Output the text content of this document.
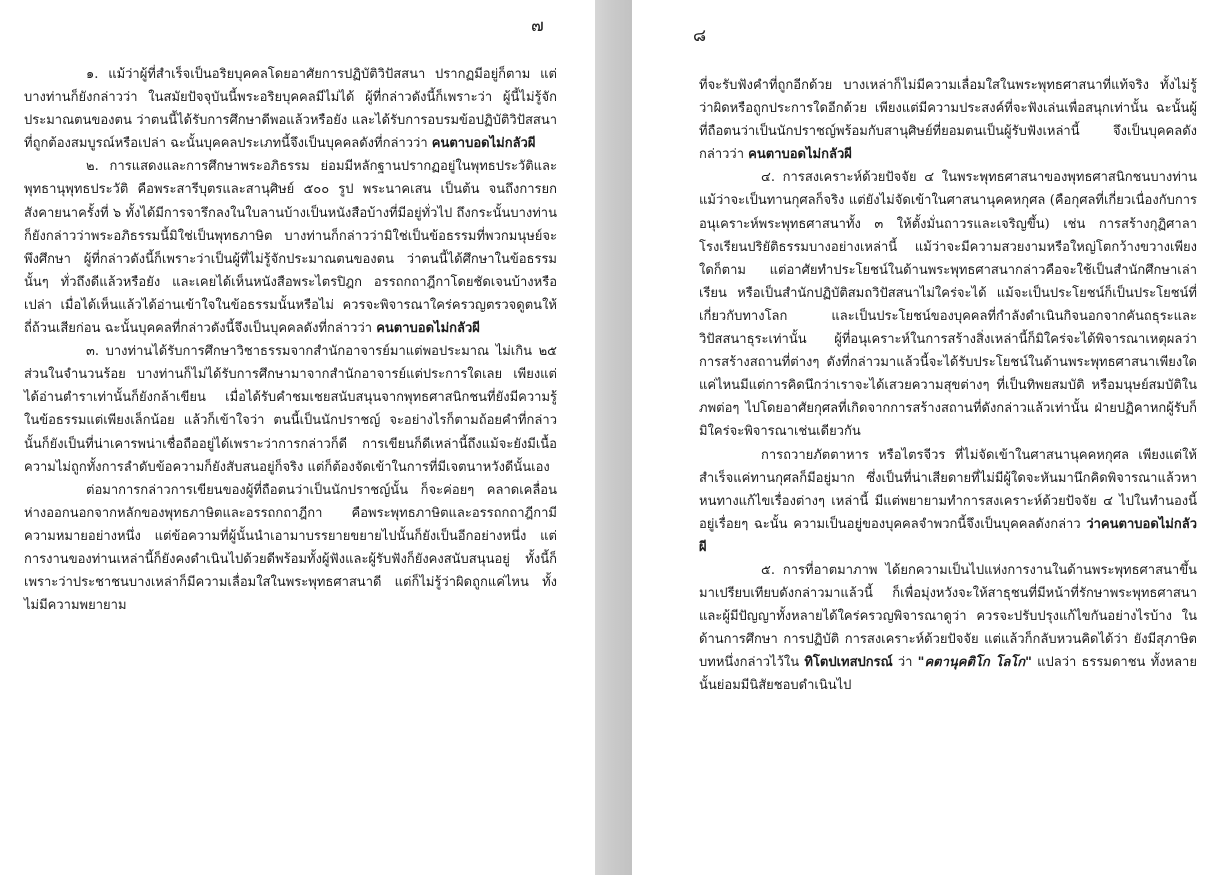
๗

๑. แม้ว่าผู้ที่สำเร็จเป็นอริยบุคคลโดยอาศัยการปฏิบัติวิปัสสนา ปรากฏมีอยู่ก็ตาม แต่บางท่านก็ยังกล่าวว่า ในสมัยปัจจุบันนี้พระอริยบุคคลมีไม่ได้ ผู้ที่กล่าวดังนี้ก็เพราะว่า ผู้นี้ไม่รู้จักประมาณตนของตน ว่าตนนี้ได้รับการศึกษาดีพอแล้วหรือยัง และได้รับการอบรมข้อปฏิบัติวิปัสสนาที่ถูกต้องสมบูรณ์หรือเปล่า ฉะนั้นบุคคลประเภทนี้จึงเป็นบุคคลดังที่กล่าวว่า คนตาบอดไม่กลัวผี

๒. การแสดงและการศึกษาพระอภิธรรม ย่อมมีหลักฐานปรากฏอยู่ในพุทธประวัติและพุทธานุพุทธประวัติ คือพระสารีบุตรและสานุศิษย์ ๕๐๐ รูป พระนาคเสน เป็นต้น จนถึงการยกสังคายนาครั้งที่ ๖ ทั้งได้มีการจารึกลงในใบลานบ้างเป็นหนังสือบ้างที่มีอยู่ทั่วไป ถึงกระนั้นบางท่านก็ยังกล่าวว่าพระอภิธรรมนี้มิใช่เป็นพุทธภาษิต บางท่านก็กล่าวว่ามิใช่เป็นข้อธรรมที่พวกมนุษย์จะพึงศึกษา ผู้ที่กล่าวดังนี้ก็เพราะว่าเป็นผู้ที่ไม่รู้จักประมาณตนของตน ว่าตนนี้ได้ศึกษาในข้อธรรมนั้นๆ ทั่วถึงดีแล้วหรือยัง และเคยได้เห็นหนังสือพระไตรปิฎก อรรถกถาฎีกาโดยชัดเจนบ้างหรือเปล่า เมื่อได้เห็นแล้วได้อ่านเข้าใจในข้อธรรมนั้นหรือไม่ ควรจะพิจารณาใคร่ครวญตรวจดูตนให้ถี่ถ้วนเสียก่อน ฉะนั้นบุคคลที่กล่าวดังนี้จึงเป็นบุคคลดังที่กล่าวว่า คนตาบอดไม่กลัวผี

๓. บางท่านได้รับการศึกษาวิชาธรรมจากสำนักอาจารย์มาแต่พอประมาณ ไม่เกิน ๒๕ ส่วนในจำนวนร้อย บางท่านก็ไม่ได้รับการศึกษามาจากสำนักอาจารย์แต่ประการใดเลย เพียงแต่ได้อ่านตำราเท่านั้นก็ยังกล้าเขียน เมื่อได้รับคำชมเชยสนับสนุนจากพุทธศาสนิกชนที่ยังมีความรู้ในข้อธรรมแต่เพียงเล็กน้อย แล้วก็เข้าใจว่า ตนนี้เป็นนักปราชญ์ จะอย่างไรก็ตามถ้อยคำที่กล่าวนั้นก็ยังเป็นที่น่าเคารพน่าเชื่อถืออยู่ได้เพราะว่าการกล่าวก็ดี การเขียนก็ดีเหล่านี้ถึงแม้จะยังมีเนื้อความไม่ถูกทั้งการลำดับข้อความก็ยังสับสนอยู่ก็จริง แต่ก็ต้องจัดเข้าในการที่มีเจตนาหวังดีนั้นเอง

ต่อมาการกล่าวการเขียนของผู้ที่ถือตนว่าเป็นนักปราชญ์นั้น ก็จะค่อยๆ คลาดเคลื่อน ห่างออกนอกจากหลักของพุทธภาษิตและอรรถกถาฎีกา คือพระพุทธภาษิตและอรรถกถาฎีกามีความหมายอย่างหนึ่ง แต่ข้อความที่ผู้นั้นนำเอามาบรรยายขยายไปนั้นก็ยังเป็นอีกอย่างหนึ่ง แต่การงานของท่านเหล่านี้ก็ยังคงดำเนินไปด้วยดีพร้อมทั้งผู้ฟังและผู้รับฟังก็ยังคงสนับสนุนอยู่ ทั้งนี้ก็เพราะว่าประชาชนบางเหล่าก็มีความเลื่อมใสในพระพุทธศาสนาดี แต่ก็ไม่รู้ว่าผิดถูกแค่ไหน ทั้งไม่มีความพยายาม

๘

ที่จะรับฟังคำที่ถูกอีกด้วย บางเหล่าก็ไม่มีความเลื่อมใสในพระพุทธศาสนาที่แท้จริง ทั้งไม่รู้ว่าผิดหรือถูกประการใดอีกด้วย เพียงแต่มีความประสงค์ที่จะฟังเล่นเพื่อสนุกเท่านั้น ฉะนั้นผู้ที่ถือตนว่าเป็นนักปราชญ์พร้อมกับสานุศิษย์ที่ยอมตนเป็นผู้รับฟังเหล่านี้ จึงเป็นบุคคลดังกล่าวว่า คนตาบอดไม่กลัวผี

๔. การสงเคราะห์ด้วยปัจจัย ๔ ในพระพุทธศาสนาของพุทธศาสนิกชนบางท่านแม้ว่าจะเป็นทานกุศลก็จริง แต่ยังไม่จัดเข้าในศาสนานุคคหกุศล (คือกุศลที่เกี่ยวเนื่องกับการอนุเคราะห์พระพุทธศาสนาทั้ง ๓ ให้ตั้งมั่นถาวรและเจริญขึ้น) เช่น การสร้างกุฏิศาลา โรงเรียนปริยัติธรรมบางอย่างเหล่านี้ แม้ว่าจะมีความสวยงามหรือใหญ่โตกว้างขวางเพียงใดก็ตาม แต่อาศัยทำประโยชน์ในด้านพระพุทธศาสนากล่าวคือจะใช้เป็นสำนักศึกษาเล่าเรียน หรือเป็นสำนักปฏิบัติสมถวิปัสสนาไม่ใคร่จะได้ แม้จะเป็นประโยชน์ก็เป็นประโยชน์ที่เกี่ยวกับทางโลก และเป็นประโยชน์ของบุคคลที่กำลังดำเนินกิจนอกจากคันถธุระและวิปัสสนาธุระเท่านั้น ผู้ที่อนุเคราะห์ในการสร้างสิ่งเหล่านี้ก็มิใคร่จะได้พิจารณาเหตุผลว่า การสร้างสถานที่ต่างๆ ดังที่กล่าวมาแล้วนี้จะได้รับประโยชน์ในด้านพระพุทธศาสนาเพียงใดแค่ไหนมีแต่การคิดนึกว่าเราจะได้เสวยความสุขต่างๆ ที่เป็นทิพยสมบัติ หรือมนุษย์สมบัติในภพต่อๆ ไปโดยอาศัยกุศลที่เกิดจากการสร้างสถานที่ดังกล่าวแล้วเท่านั้น ฝ่ายปฏิคาหกผู้รับก็มิใคร่จะพิจารณาเช่นเดียวกัน

การถวายภัตตาหาร หรือไตรจีวร ที่ไม่จัดเข้าในศาสนานุคคหกุศล เพียงแต่ให้สำเร็จแค่ทานกุศลก็มีอยู่มาก ซึ่งเป็นที่น่าเสียดายที่ไม่มีผู้ใดจะหันมานึกคิดพิจารณาแล้วหาหนทางแก้ไขเรื่องต่างๆ เหล่านี้ มีแต่พยายามทำการสงเคราะห์ด้วยปัจจัย ๔ ไปในทำนองนี้ อยู่เรื่อยๆ ฉะนั้น ความเป็นอยู่ของบุคคลจำพวกนี้จึงเป็นบุคคลดังกล่าว ว่าคนตาบอดไม่กลัวผี

๕. การที่อาตมาภาพ ได้ยกความเป็นไปแห่งการงานในด้านพระพุทธศาสนาขึ้นมาเปรียบเทียบดังกล่าวมาแล้วนี้ ก็เพื่อมุ่งหวังจะให้สาธุชนที่มีหน้าที่รักษาพระพุทธศาสนา และผู้มีปัญญาทั้งหลายได้ใคร่ครวญพิจารณาดูว่า ควรจะปรับปรุงแก้ไขกันอย่างไรบ้าง ในด้านการศึกษา การปฏิบัติ การสงเคราะห์ด้วยปัจจัย แต่แล้วก็กลับหวนคิดได้ว่า ยังมีสุภาษิตบทหนึ่งกล่าวไว้ใน ทิโตปเทสปกรณ์ ว่า "คตานุคติโก โลโก" แปลว่า ธรรมดาชน ทั้งหลายนั้นย่อมมีนิสัยชอบดำเนินไป
